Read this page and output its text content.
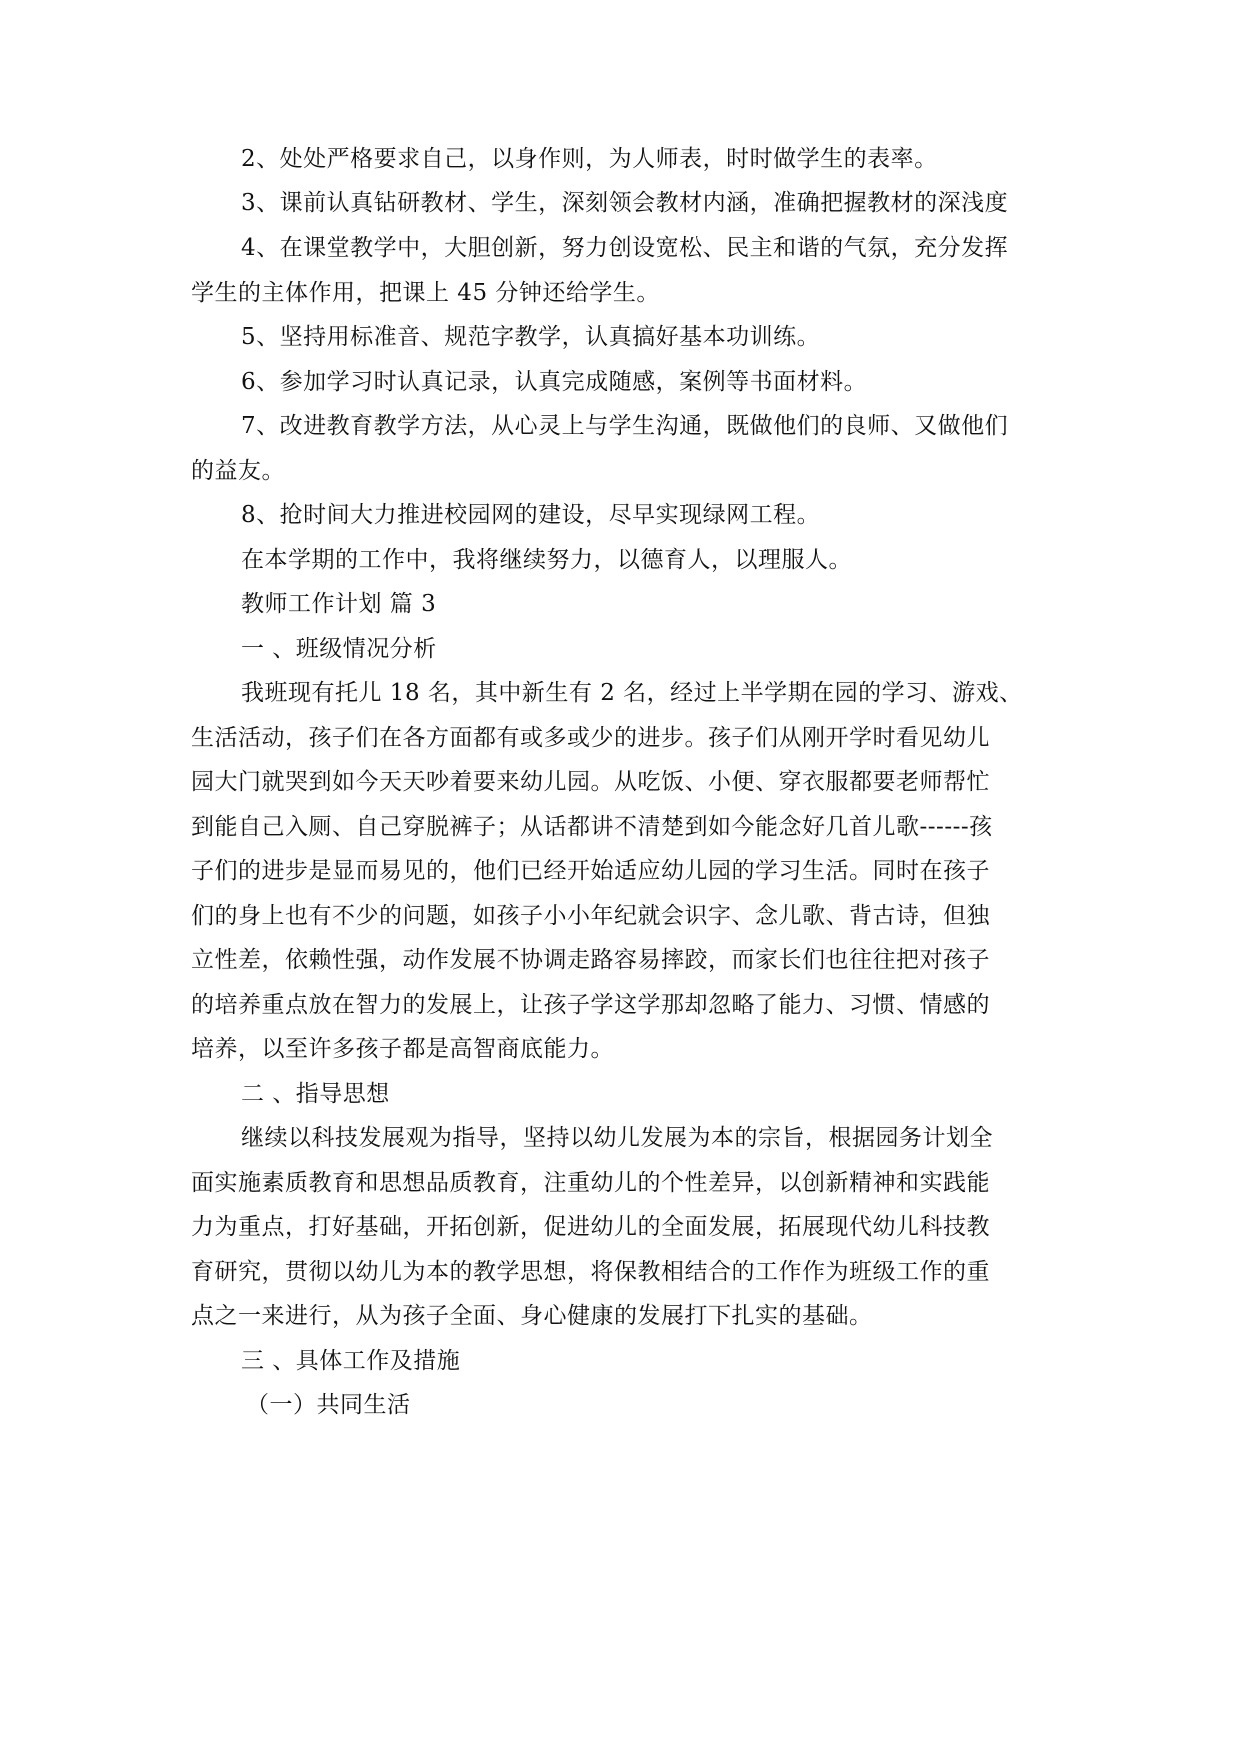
2、处处严格要求自己，以身作则，为人师表，时时做学生的表率。
3、课前认真钻研教材、学生，深刻领会教材内涵，准确把握教材的深浅度
4、在课堂教学中，大胆创新，努力创设宽松、民主和谐的气氛，充分发挥
学生的主体作用，把课上 45 分钟还给学生。
5、坚持用标准音、规范字教学，认真搞好基本功训练。
6、参加学习时认真记录，认真完成随感，案例等书面材料。
7、改进教育教学方法，从心灵上与学生沟通，既做他们的良师、又做他们
的益友。
8、抢时间大力推进校园网的建设，尽早实现绿网工程。
在本学期的工作中，我将继续努力，以德育人，以理服人。
教师工作计划 篇 3
一 、班级情况分析
我班现有托儿 18 名，其中新生有 2 名，经过上半学期在园的学习、游戏、
生活活动，孩子们在各方面都有或多或少的进步。孩子们从刚开学时看见幼儿
园大门就哭到如今天天吵着要来幼儿园。从吃饭、小便、穿衣服都要老师帮忙
到能自己入厕、自己穿脱裤子；从话都讲不清楚到如今能念好几首儿歌------孩
子们的进步是显而易见的，他们已经开始适应幼儿园的学习生活。同时在孩子
们的身上也有不少的问题，如孩子小小年纪就会识字、念儿歌、背古诗，但独
立性差，依赖性强，动作发展不协调走路容易摔跤，而家长们也往往把对孩子
的培养重点放在智力的发展上，让孩子学这学那却忽略了能力、习惯、情感的
培养，以至许多孩子都是高智商底能力。
二 、指导思想
继续以科技发展观为指导，坚持以幼儿发展为本的宗旨，根据园务计划全
面实施素质教育和思想品质教育，注重幼儿的个性差异，以创新精神和实践能
力为重点，打好基础，开拓创新，促进幼儿的全面发展，拓展现代幼儿科技教
育研究，贯彻以幼儿为本的教学思想，将保教相结合的工作作为班级工作的重
点之一来进行，从为孩子全面、身心健康的发展打下扎实的基础。
三 、具体工作及措施
（一）共同生活
